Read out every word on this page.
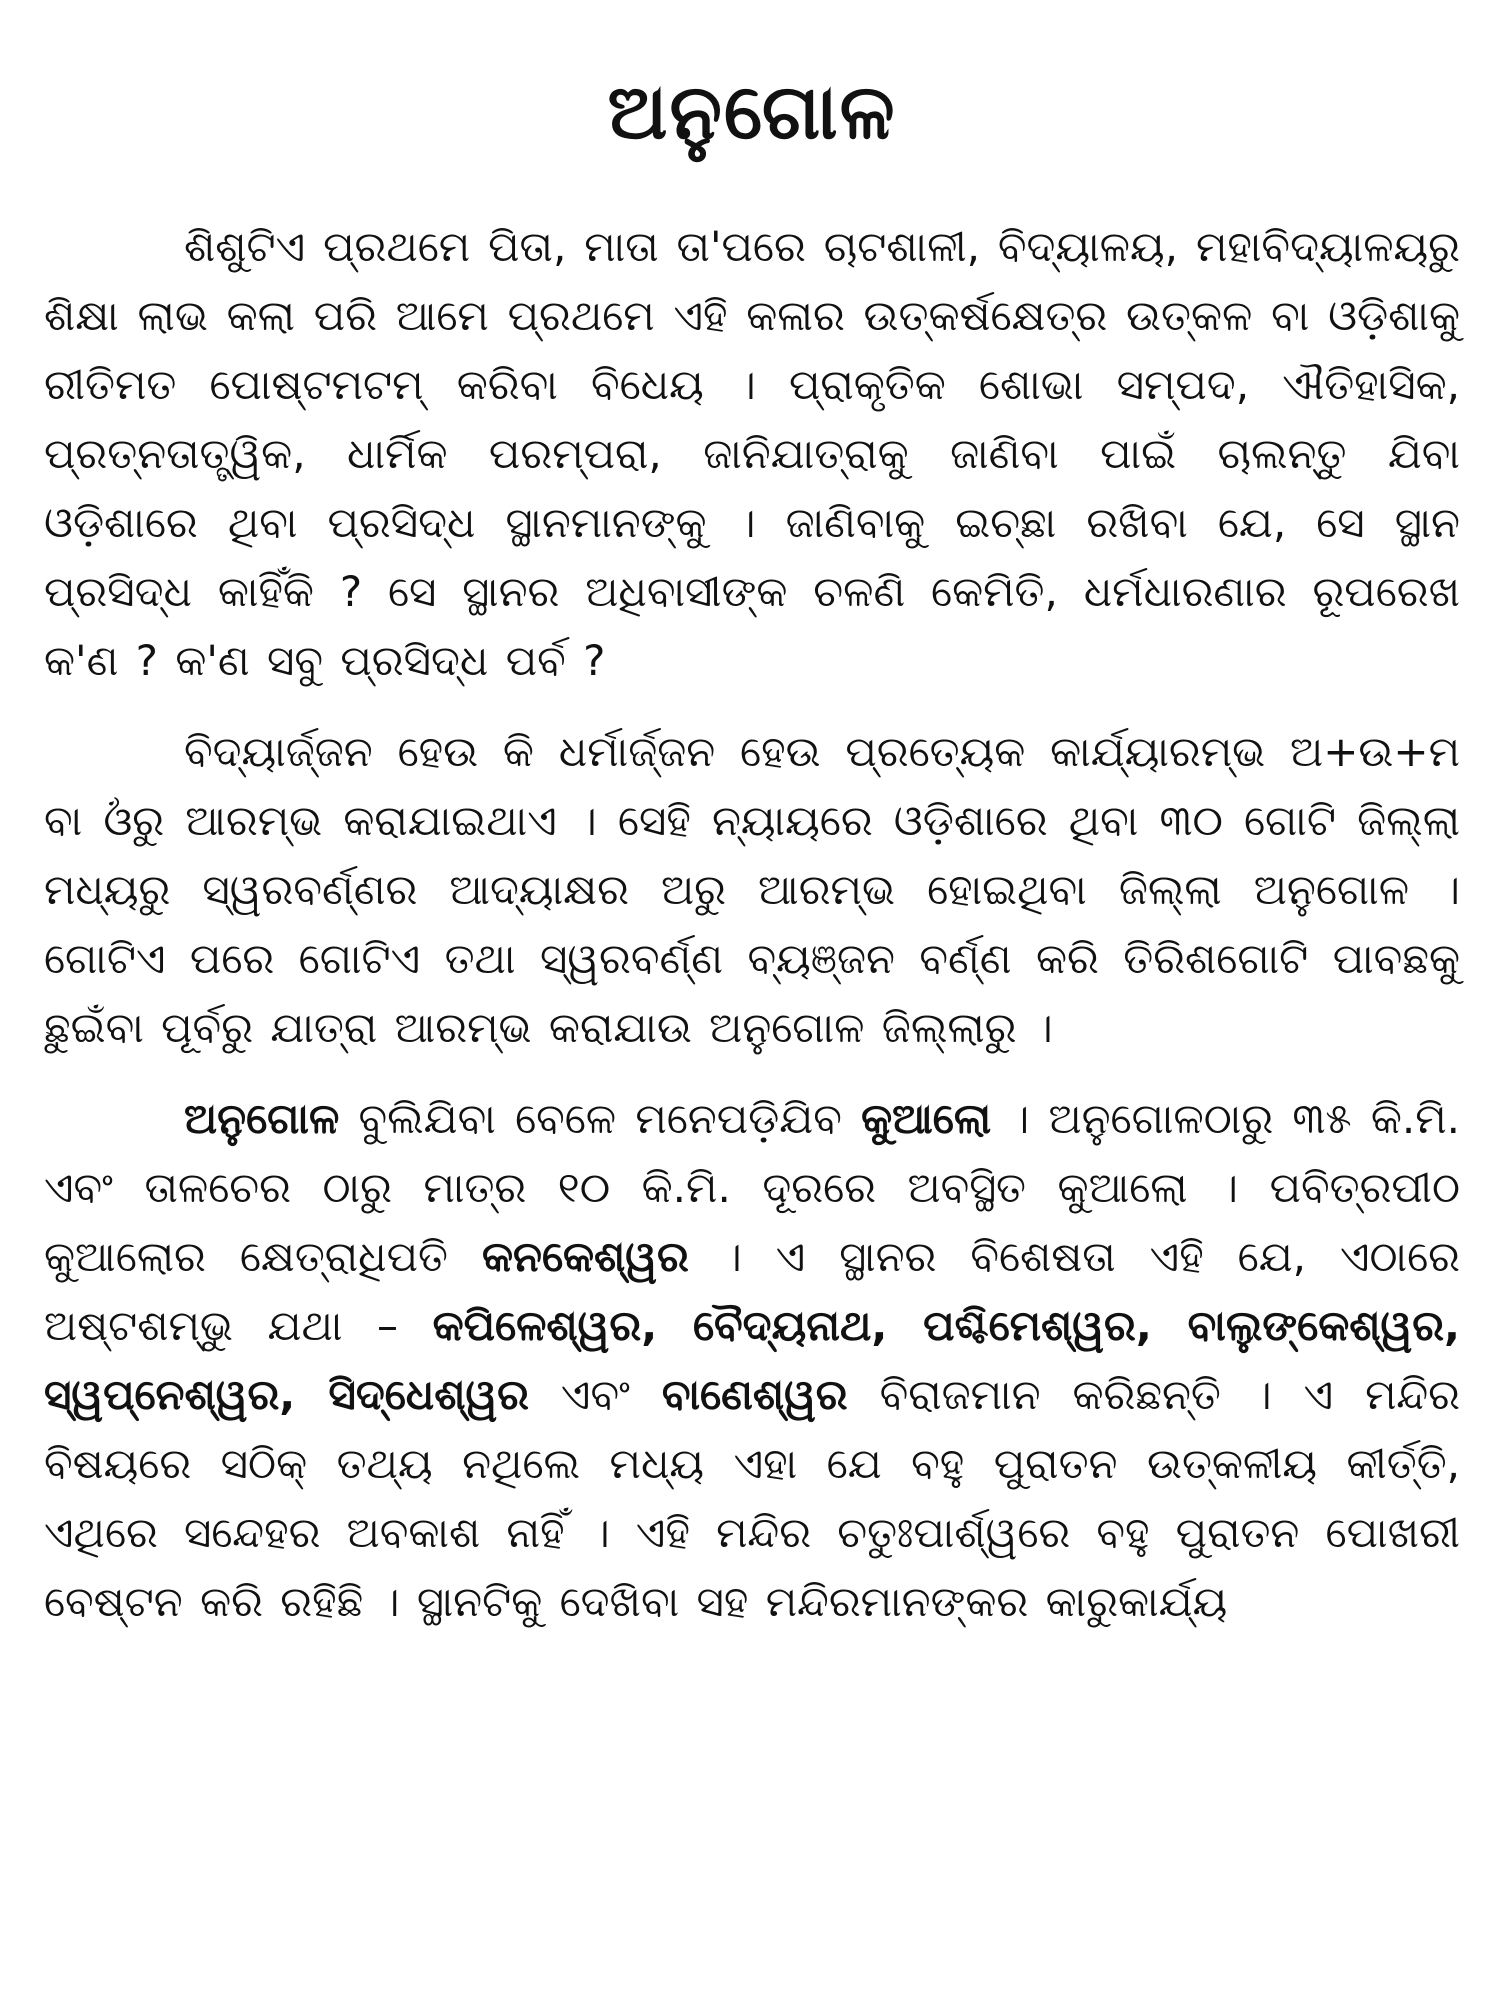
ଅନୁଗୋଳ

ଶିଶୁଟିଏ ପ୍ରଥମେ ପିତା, ମାତା ତା'ପରେ ଚାଟଶାଳୀ, ବିଦ୍ୟାଳୟ, ମହାବିଦ୍ୟାଳୟରୁ ଶିକ୍ଷା ଲାଭ କଲା ପରି ଆମେ ପ୍ରଥମେ ଏହି କଳାର ଉତ୍କର୍ଷକ୍ଷେତ୍ର ଉତ୍କଳ ବା ଓଡ଼ିଶାକୁ ରୀତିମତ ପୋଷ୍ଟମଟମ୍ କରିବା ବିଧେୟ । ପ୍ରାକୃତିକ ଶୋଭା ସମ୍ପଦ, ଐତିହାସିକ, ପ୍ରତ୍ନତାତ୍ତ୍ୱିକ, ଧାର୍ମିକ ପରମ୍ପରା, ଜାନିଯାତ୍ରାକୁ ଜାଣିବା ପାଇଁ ଚାଲନ୍ତୁ ଯିବା ଓଡ଼ିଶାରେ ଥିବା ପ୍ରସିଦ୍ଧ ସ୍ଥାନମାନଙ୍କୁ । ଜାଣିବାକୁ ଇଚ୍ଛା ରଖିବା ଯେ, ସେ ସ୍ଥାନ ପ୍ରସିଦ୍ଧ କାହିଁକି ? ସେ ସ୍ଥାନର ଅଧିବାସୀଙ୍କ ଚଳଣି କେମିତି, ଧର୍ମଧାରଣାର ରୂପରେଖ କ'ଣ ? କ'ଣ ସବୁ ପ୍ରସିଦ୍ଧ ପର୍ବ ?

ବିଦ୍ୟାର୍ଜ୍ଜନ ହେଉ କି ଧର୍ମାର୍ଜ୍ଜନ ହେଉ ପ୍ରତ୍ୟେକ କାର୍ଯ୍ୟାରମ୍ଭ ଅ+ଉ+ମ ବା ଓଁରୁ ଆରମ୍ଭ କରାଯାଇଥାଏ । ସେହି ନ୍ୟାୟରେ ଓଡ଼ିଶାରେ ଥିବା ୩୦ ଗୋଟି ଜିଲ୍ଲା ମଧ୍ୟରୁ ସ୍ୱରବର୍ଣ୍ଣର ଆଦ୍ୟାକ୍ଷର ଅରୁ ଆରମ୍ଭ ହୋଇଥିବା ଜିଲ୍ଲା ଅନୁଗୋଳ । ଗୋଟିଏ ପରେ ଗୋଟିଏ ତଥା ସ୍ୱରବର୍ଣ୍ଣ ବ୍ୟଞ୍ଜନ ବର୍ଣ୍ଣ କରି ତିରିଶଗୋଟି ପାବଛକୁ ଛୁଇଁବା ପୂର୍ବରୁ ଯାତ୍ରା ଆରମ୍ଭ କରାଯାଉ ଅନୁଗୋଳ ଜିଲ୍ଲାରୁ ।

ଅନୁଗୋଳ ବୁଲିଯିବା ବେଳେ ମନେପଡ଼ିଯିବ କୁଆଲୋ । ଅନୁଗୋଳଠାରୁ ୩୫ କି.ମି. ଏବଂ ତାଳଚେର ଠାରୁ ମାତ୍ର ୧୦ କି.ମି. ଦୂରରେ ଅବସ୍ଥିତ କୁଆଲୋ । ପବିତ୍ରପୀଠ କୁଆଲୋର କ୍ଷେତ୍ରାଧିପତି କନକେଶ୍ୱର । ଏ ସ୍ଥାନର ବିଶେଷତା ଏହି ଯେ, ଏଠାରେ ଅଷ୍ଟଶମ୍ଭୁ ଯଥା – କପିଳେଶ୍ୱର, ବୈଦ୍ୟନାଥ, ପଶ୍ଚିମେଶ୍ୱର, ବାଲୁଙ୍କେଶ୍ୱର, ସ୍ୱପ୍ନେଶ୍ୱର, ସିଦ୍ଧେଶ୍ୱର ଏବଂ ବାଣେଶ୍ୱର ବିରାଜମାନ କରିଛନ୍ତି । ଏ ମନ୍ଦିର ବିଷୟରେ ସଠିକ୍ ତଥ୍ୟ ନଥିଲେ ମଧ୍ୟ ଏହା ଯେ ବହୁ ପୁରାତନ ଉତ୍କଳୀୟ କୀର୍ତ୍ତି, ଏଥିରେ ସନ୍ଦେହର ଅବକାଶ ନାହିଁ । ଏହି ମନ୍ଦିର ଚତୁଃପାର୍ଶ୍ୱରେ ବହୁ ପୁରାତନ ପୋଖରୀ ବେଷ୍ଟନ କରି ରହିଛି । ସ୍ଥାନଟିକୁ ଦେଖିବା ସହ ମନ୍ଦିରମାନଙ୍କର କାରୁକାର୍ଯ୍ୟ
